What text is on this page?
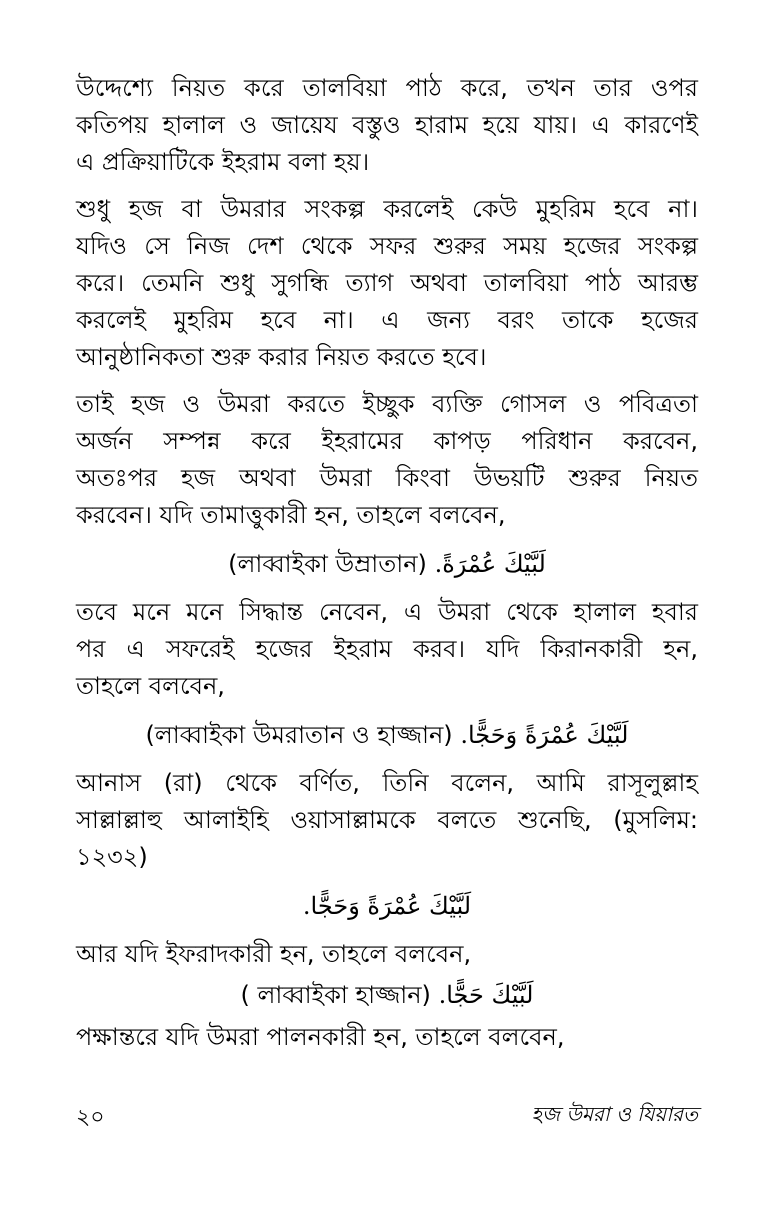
উদ্দেশ্যে নিয়ত করে তালবিয়া পাঠ করে, তখন তার ওপর
কতিপয় হালাল ও জায়েয বস্তুও হারাম হয়ে যায়। এ কারণেই
এ প্রক্রিয়াটিকে ইহরাম বলা হয়।
শুধু হজ বা উমরার সংকল্প করলেই কেউ মুহরিম হবে না।
যদিও সে নিজ দেশ থেকে সফর শুরুর সময় হজের সংকল্প
করে। তেমনি শুধু সুগন্ধি ত্যাগ অথবা তালবিয়া পাঠ আরম্ভ
করলেই মুহরিম হবে না। এ জন্য বরং তাকে হজের
আনুষ্ঠানিকতা শুরু করার নিয়ত করতে হবে।
তাই হজ ও উমরা করতে ইচ্ছুক ব্যক্তি গোসল ও পবিত্রতা
অর্জন সম্পন্ন করে ইহরামের কাপড় পরিধান করবেন,
অতঃপর হজ অথবা উমরা কিংবা উভয়টি শুরুর নিয়ত
করবেন। যদি তামাত্তুকারী হন, তাহলে বলবেন,
(লাব্বাইকা উম্রাতান) لَبَّيْكَ عُمْرَةً.
তবে মনে মনে সিদ্ধান্ত নেবেন, এ উমরা থেকে হালাল হবার
পর এ সফরেই হজের ইহরাম করব। যদি কিরানকারী হন,
তাহলে বলবেন,
(লাব্বাইকা উমরাতান ও হাজ্জান) لَبَّيْكَ عُمْرَةً وَحَجًّا.
আনাস (রা) থেকে বর্ণিত, তিনি বলেন, আমি রাসূলুল্লাহ
সাল্লাল্লাহু আলাইহি ওয়াসাল্লামকে বলতে শুনেছি, (মুসলিম:
১২৩২)
لَبَّيْكَ عُمْرَةً وَحَجًّا.
আর যদি ইফরাদকারী হন, তাহলে বলবেন,
( লাব্বাইকা হাজ্জান) لَبَّيْكَ حَجًّا.
পক্ষান্তরে যদি উমরা পালনকারী হন, তাহলে বলবেন,
২০	হজ উমরা ও যিয়ারত
